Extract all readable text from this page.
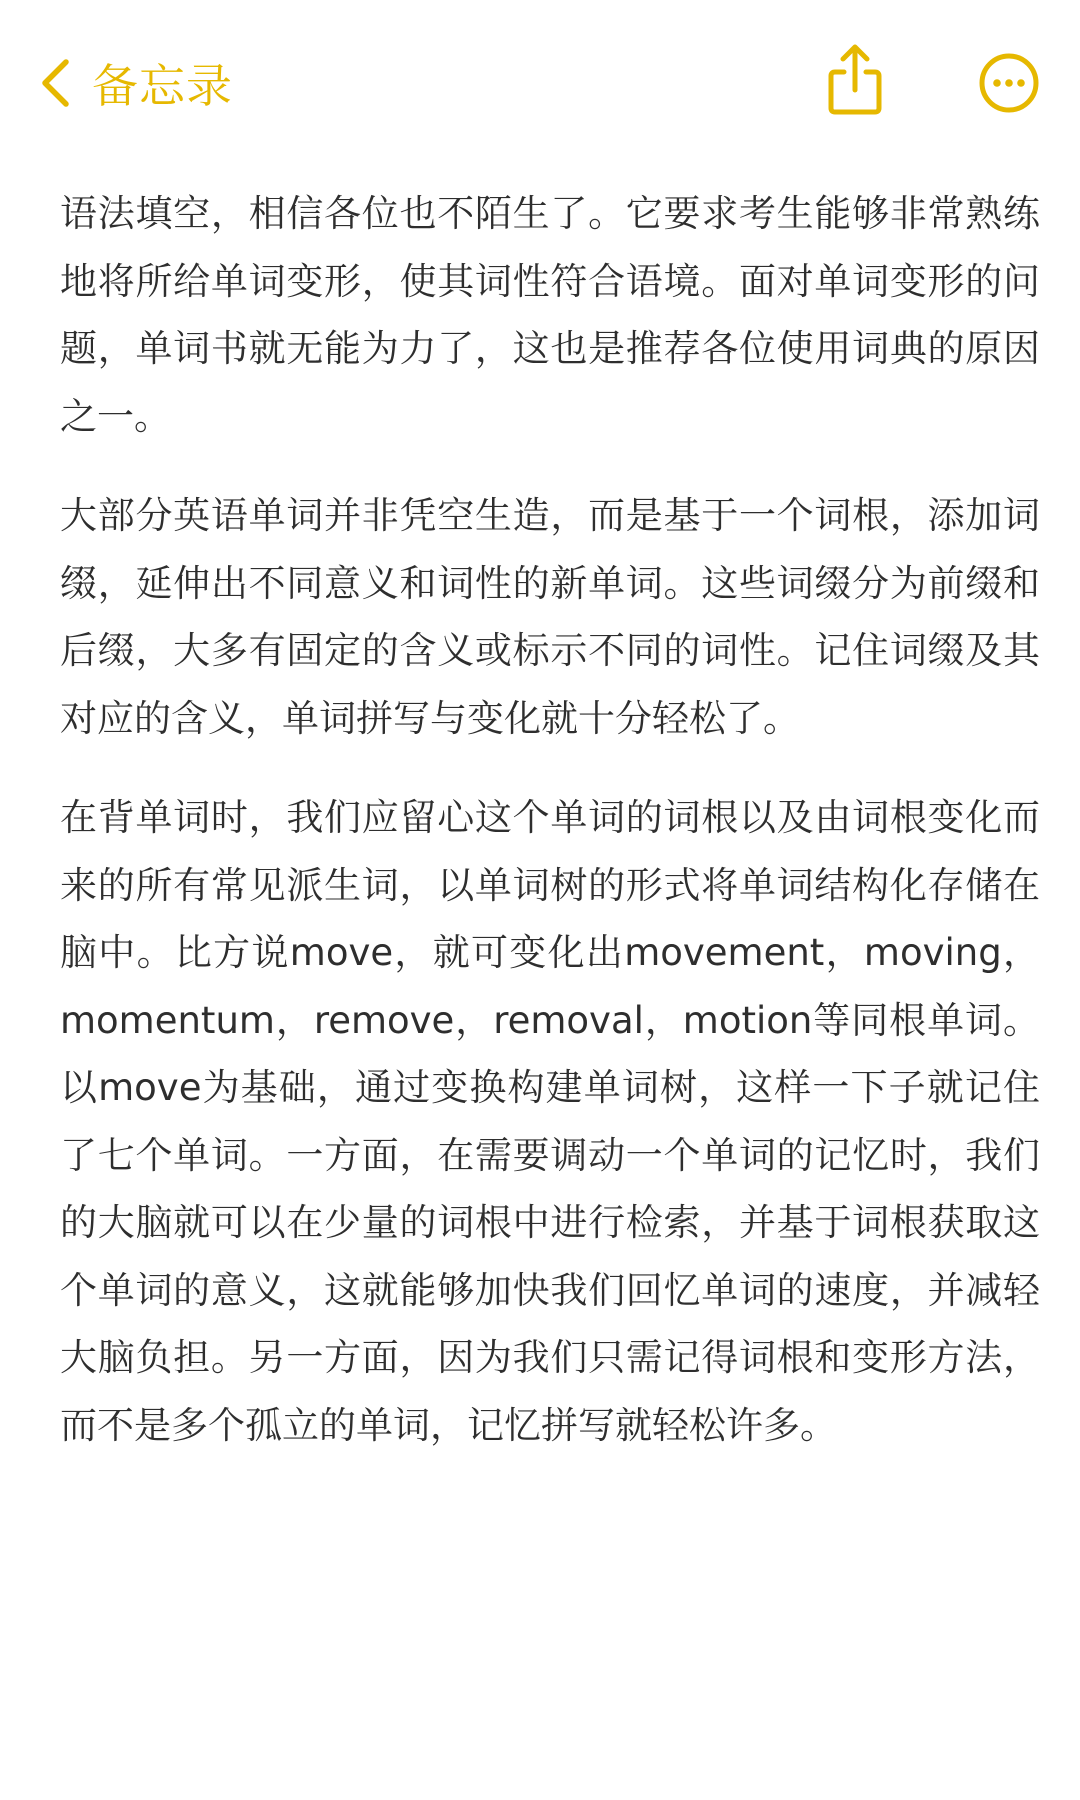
备忘录

语法填空，相信各位也不陌生了。它要求考生能够非常熟练地将所给单词变形，使其词性符合语境。面对单词变形的问题，单词书就无能为力了，这也是推荐各位使用词典的原因之一。

大部分英语单词并非凭空生造，而是基于一个词根，添加词缀，延伸出不同意义和词性的新单词。这些词缀分为前缀和后缀，大多有固定的含义或标示不同的词性。记住词缀及其对应的含义，单词拼写与变化就十分轻松了。

在背单词时，我们应留心这个单词的词根以及由词根变化而来的所有常见派生词，以单词树的形式将单词结构化存储在脑中。比方说move，就可变化出movement，moving，momentum，remove，removal，motion等同根单词。以move为基础，通过变换构建单词树，这样一下子就记住了七个单词。一方面，在需要调动一个单词的记忆时，我们的大脑就可以在少量的词根中进行检索，并基于词根获取这个单词的意义，这就能够加快我们回忆单词的速度，并减轻大脑负担。另一方面，因为我们只需记得词根和变形方法，而不是多个孤立的单词，记忆拼写就轻松许多。
